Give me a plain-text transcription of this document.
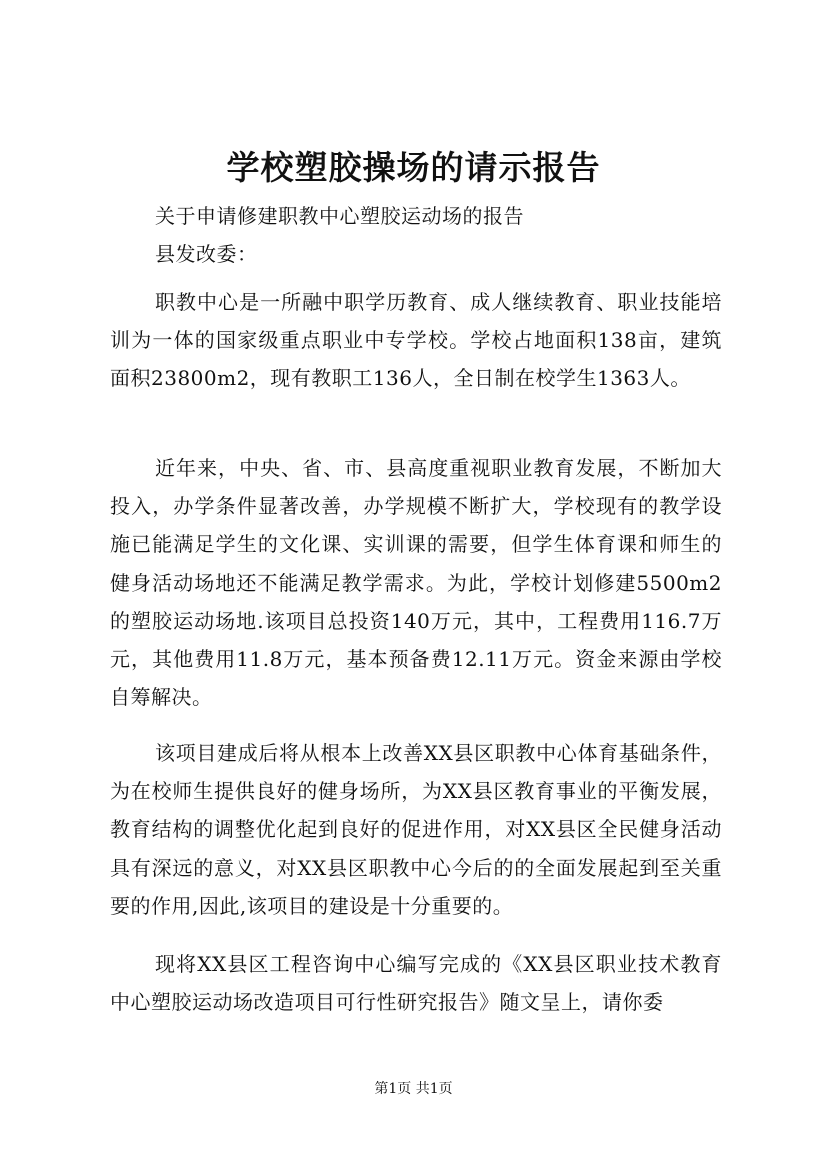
学校塑胶操场的请示报告

关于申请修建职教中心塑胶运动场的报告

县发改委：

职教中心是一所融中职学历教育、成人继续教育、职业技能培训为一体的国家级重点职业中专学校。学校占地面积138亩，建筑面积23800m2，现有教职工136人，全日制在校学生1363人。

近年来，中央、省、市、县高度重视职业教育发展，不断加大投入，办学条件显著改善，办学规模不断扩大，学校现有的教学设施已能满足学生的文化课、实训课的需要，但学生体育课和师生的健身活动场地还不能满足教学需求。为此，学校计划修建5500m2的塑胶运动场地.该项目总投资140万元，其中，工程费用116.7万元，其他费用11.8万元，基本预备费12.11万元。资金来源由学校自筹解决。

该项目建成后将从根本上改善XX县区职教中心体育基础条件，为在校师生提供良好的健身场所，为XX县区教育事业的平衡发展，教育结构的调整优化起到良好的促进作用，对XX县区全民健身活动具有深远的意义，对XX县区职教中心今后的的全面发展起到至关重要的作用,因此,该项目的建设是十分重要的。

现将XX县区工程咨询中心编写完成的《XX县区职业技术教育中心塑胶运动场改造项目可行性研究报告》随文呈上，请你委

第1页 共1页
